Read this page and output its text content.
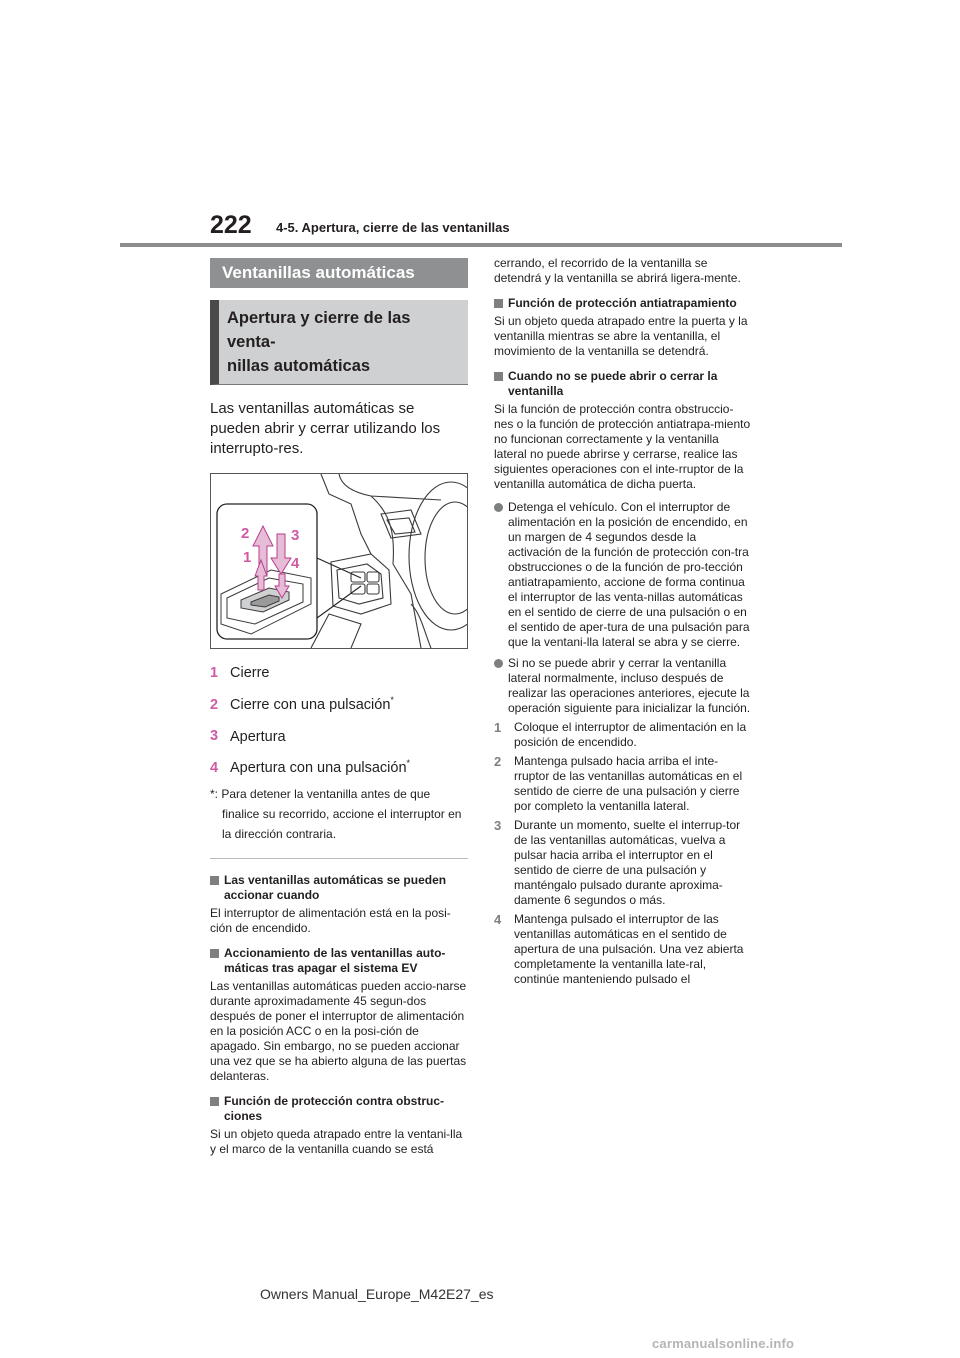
222 4-5. Apertura, cierre de las ventanillas
Ventanillas automáticas
Apertura y cierre de las venta-
nillas automáticas

Las ventanillas automáticas se pueden abrir y cerrar utilizando los interrupto-res.

2	3
1	4
1 Cierre
2 Cierre con una pulsación*
3 Apertura
4 Apertura con una pulsación*
*: Para detener la ventanilla antes de que finalice su recorrido, accione el interruptor en la dirección contraria.
Las ventanillas automáticas se pueden accionar cuando
El interruptor de alimentación está en la posi-ción de encendido.
Accionamiento de las ventanillas auto-máticas tras apagar el sistema EV
Las ventanillas automáticas pueden accio-narse durante aproximadamente 45 segun-dos después de poner el interruptor de alimentación en la posición ACC o en la posi-ción de apagado. Sin embargo, no se pueden accionar una vez que se ha abierto alguna de las puertas delanteras.
Función de protección contra obstruc-ciones
Si un objeto queda atrapado entre la ventani-lla y el marco de la ventanilla cuando se está
cerrando, el recorrido de la ventanilla se detendrá y la ventanilla se abrirá ligera-mente.
Función de protección antiatrapamiento
Si un objeto queda atrapado entre la puerta y la ventanilla mientras se abre la ventanilla, el movimiento de la ventanilla se detendrá.
Cuando no se puede abrir o cerrar la ventanilla
Si la función de protección contra obstruccio-nes o la función de protección antiatrapa-miento no funcionan correctamente y la ventanilla lateral no puede abrirse y cerrarse, realice las siguientes operaciones con el inte-rruptor de la ventanilla automática de dicha puerta.
Detenga el vehículo. Con el interruptor de alimentación en la posición de encendido, en un margen de 4 segundos desde la activación de la función de protección con-tra obstrucciones o de la función de pro-tección antiatrapamiento, accione de forma continua el interruptor de las venta-nillas automáticas en el sentido de cierre de una pulsación o en el sentido de aper-tura de una pulsación para que la ventani-lla lateral se abra y se cierre.
Si no se puede abrir y cerrar la ventanilla lateral normalmente, incluso después de realizar las operaciones anteriores, ejecute la operación siguiente para inicializar la función.
1 Coloque el interruptor de alimentación en la posición de encendido.
2 Mantenga pulsado hacia arriba el inte-rruptor de las ventanillas automáticas en el sentido de cierre de una pulsación y cierre por completo la ventanilla lateral.
3 Durante un momento, suelte el interrup-tor de las ventanillas automáticas, vuelva a pulsar hacia arriba el interruptor en el sentido de cierre de una pulsación y manténgalo pulsado durante aproxima-damente 6 segundos o más.
4 Mantenga pulsado el interruptor de las ventanillas automáticas en el sentido de apertura de una pulsación. Una vez abierta completamente la ventanilla late-ral, continúe manteniendo pulsado el
Owners Manual_Europe_M42E27_es
carmanualsonline.info
